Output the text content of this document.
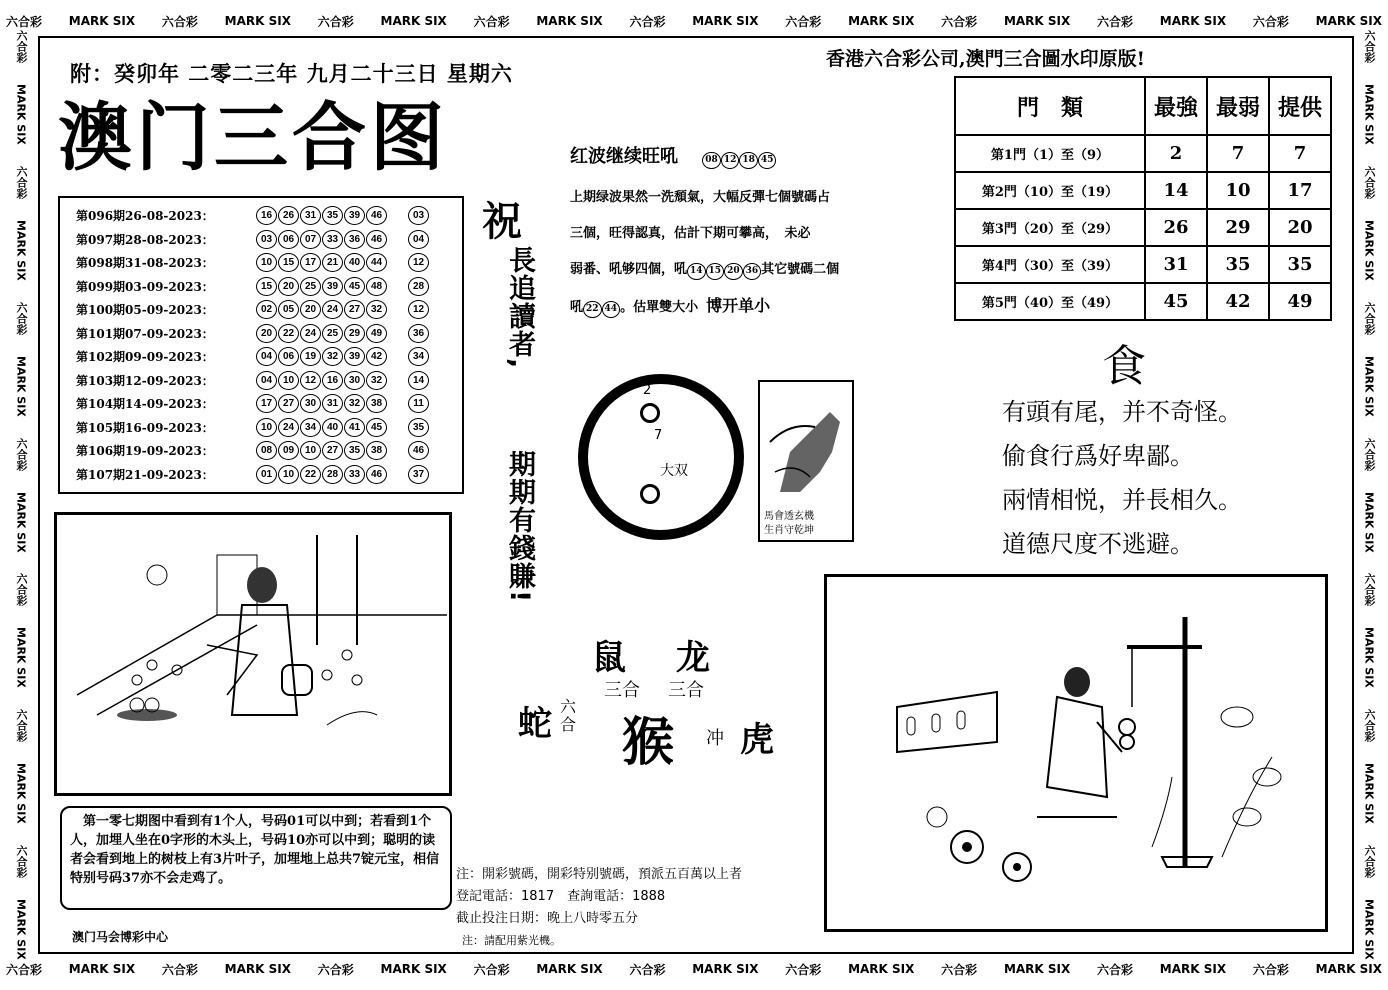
六合彩 MARK SIX 六合彩 MARK SIX 六合彩 MARK SIX 六合彩 MARK SIX 六合彩 MARK SIX 六合彩 MARK SIX 六合彩 MARK SIX 六合彩 MARK SIX 六合彩 MARK SIX
六合彩 MARK SIX 六合彩 MARK SIX 六合彩 MARK SIX 六合彩 MARK SIX 六合彩 MARK SIX 六合彩 MARK SIX 六合彩 MARK SIX 六合彩 MARK SIX 六合彩 MARK SIX
六合彩
MARK SIX
六合彩
MARK SIX
六合彩
MARK SIX
六合彩
MARK SIX
六合彩
MARK SIX
六合彩
MARK SIX
六合彩
MARK SIX
六合彩
MARK SIX
六合彩
MARK SIX
六合彩
MARK SIX
六合彩
MARK SIX
六合彩
MARK SIX
六合彩
MARK SIX
六合彩
MARK SIX
附：癸卯年 二零二三年 九月二十三日 星期六
澳门三合图
香港六合彩公司,澳門三合圖水印原版!
第096期26-08-2023：	16	26	31	35	39	46	03
第097期28-08-2023：	03	06	07	33	36	46	04
第098期31-08-2023：	10	15	17	21	40	44	12
第099期03-09-2023：	15	20	25	39	45	48	28
第100期05-09-2023：	02	05	20	24	27	32	12
第101期07-09-2023：	20	22	24	25	29	49	36
第102期09-09-2023：	04	06	19	32	39	42	34
第103期12-09-2023：	04	10	12	16	30	32	14
第104期14-09-2023：	17	27	30	31	32	38	11
第105期16-09-2023：	10	24	34	40	41	45	35
第106期19-09-2023：	08	09	10	27	35	38	46
第107期21-09-2023：	01	10	22	28	33	46	37
祝
長追讀者,
期期有錢賺!
红波继续旺吼	08 12 18 45
上期绿波果然一洗頹氣，大幅反彈七個號碼占
三個，旺得認真，估計下期可攀高，　未必
弱番、吼够四個，吼 14 15 20 36 其它號碼二個
吼 22 44 。估單雙大小 博开单小
2
7
大双
馬會透玄機
生肖守乾坤
鼠 龙
三合 三合
蛇 六
合 猴 冲 虎
門　類	最強	最弱	提供
第1門（1）至（9）	2	7	7
第2門（10）至（19）	14	10	17
第3門（20）至（29）	26	29	20
第4門（30）至（39）	31	35	35
第5門（40）至（49）	45	42	49
食
有頭有尾，并不奇怪。
偷食行爲好卑鄙。
兩情相悦，并長相久。
道德尺度不逃避。
　第一零七期图中看到有1个人，号码01可以中到；若看到1个人，加埋人坐在0字形的木头上，号码10亦可以中到；聪明的读者会看到地上的树枝上有3片叶子，加埋地上总共7锭元宝，相信特别号码37亦不会走鸡了。
澳门马会博彩中心
注：開彩號碼，開彩特别號碼，預派五百萬以上者
登記電話：1817　查詢電話：1888
截止投注日期：晚上八時零五分
注：請配用紫光機。
